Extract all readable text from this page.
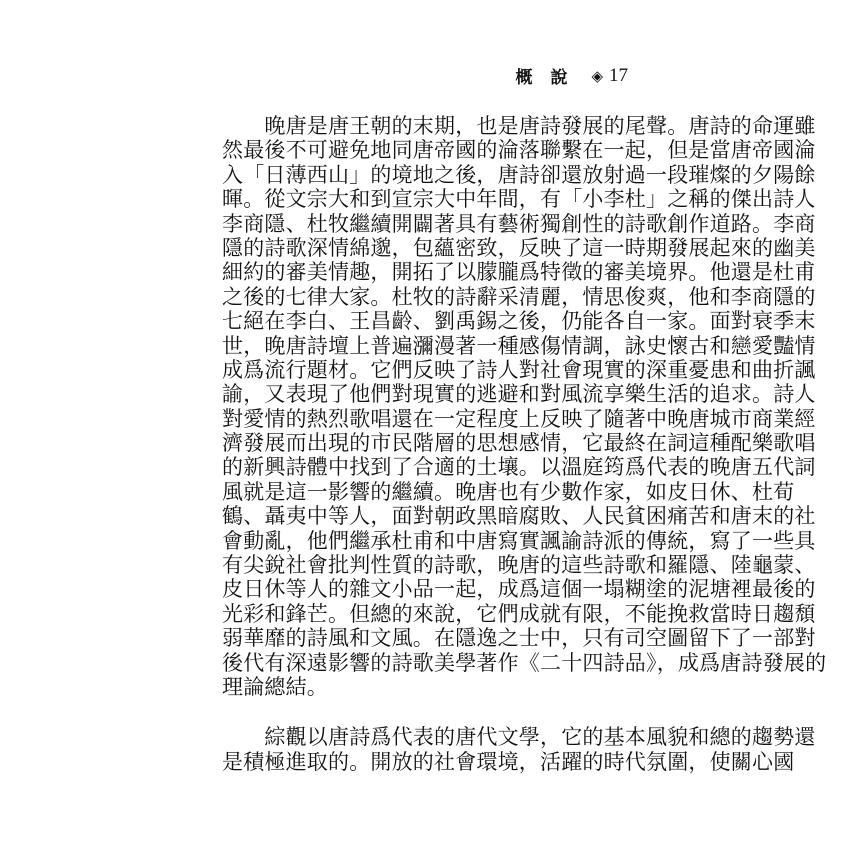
概說 ◈ 17
　　晚唐是唐王朝的末期，也是唐詩發展的尾聲。唐詩的命運雖
然最後不可避免地同唐帝國的淪落聯繫在一起，但是當唐帝國淪
入「日薄西山」的境地之後，唐詩卻還放射過一段璀燦的夕陽餘
暉。從文宗大和到宣宗大中年間，有「小李杜」之稱的傑出詩人
李商隱、杜牧繼續開闢著具有藝術獨創性的詩歌創作道路。李商
隱的詩歌深情綿邈，包蘊密致，反映了這一時期發展起來的幽美
細約的審美情趣，開拓了以朦朧爲特徵的審美境界。他還是杜甫
之後的七律大家。杜牧的詩辭采清麗，情思俊爽，他和李商隱的
七絕在李白、王昌齡、劉禹錫之後，仍能各自一家。面對衰季末
世，晚唐詩壇上普遍瀰漫著一種感傷情調，詠史懷古和戀愛豔情
成爲流行題材。它們反映了詩人對社會現實的深重憂患和曲折諷
諭，又表現了他們對現實的逃避和對風流享樂生活的追求。詩人
對愛情的熱烈歌唱還在一定程度上反映了隨著中晚唐城市商業經
濟發展而出現的市民階層的思想感情，它最終在詞這種配樂歌唱
的新興詩體中找到了合適的土壤。以溫庭筠爲代表的晚唐五代詞
風就是這一影響的繼續。晚唐也有少數作家，如皮日休、杜荀
鶴、聶夷中等人，面對朝政黑暗腐敗、人民貧困痛苦和唐末的社
會動亂，他們繼承杜甫和中唐寫實諷諭詩派的傳統，寫了一些具
有尖銳社會批判性質的詩歌，晚唐的這些詩歌和羅隱、陸龜蒙、
皮日休等人的雜文小品一起，成爲這個一塌糊塗的泥塘裡最後的
光彩和鋒芒。但總的來說，它們成就有限，不能挽救當時日趨頹
弱華靡的詩風和文風。在隱逸之士中，只有司空圖留下了一部對
後代有深遠影響的詩歌美學著作《二十四詩品》，成爲唐詩發展的
理論總結。
　　綜觀以唐詩爲代表的唐代文學，它的基本風貌和總的趨勢還
是積極進取的。開放的社會環境，活躍的時代氛圍，使關心國
